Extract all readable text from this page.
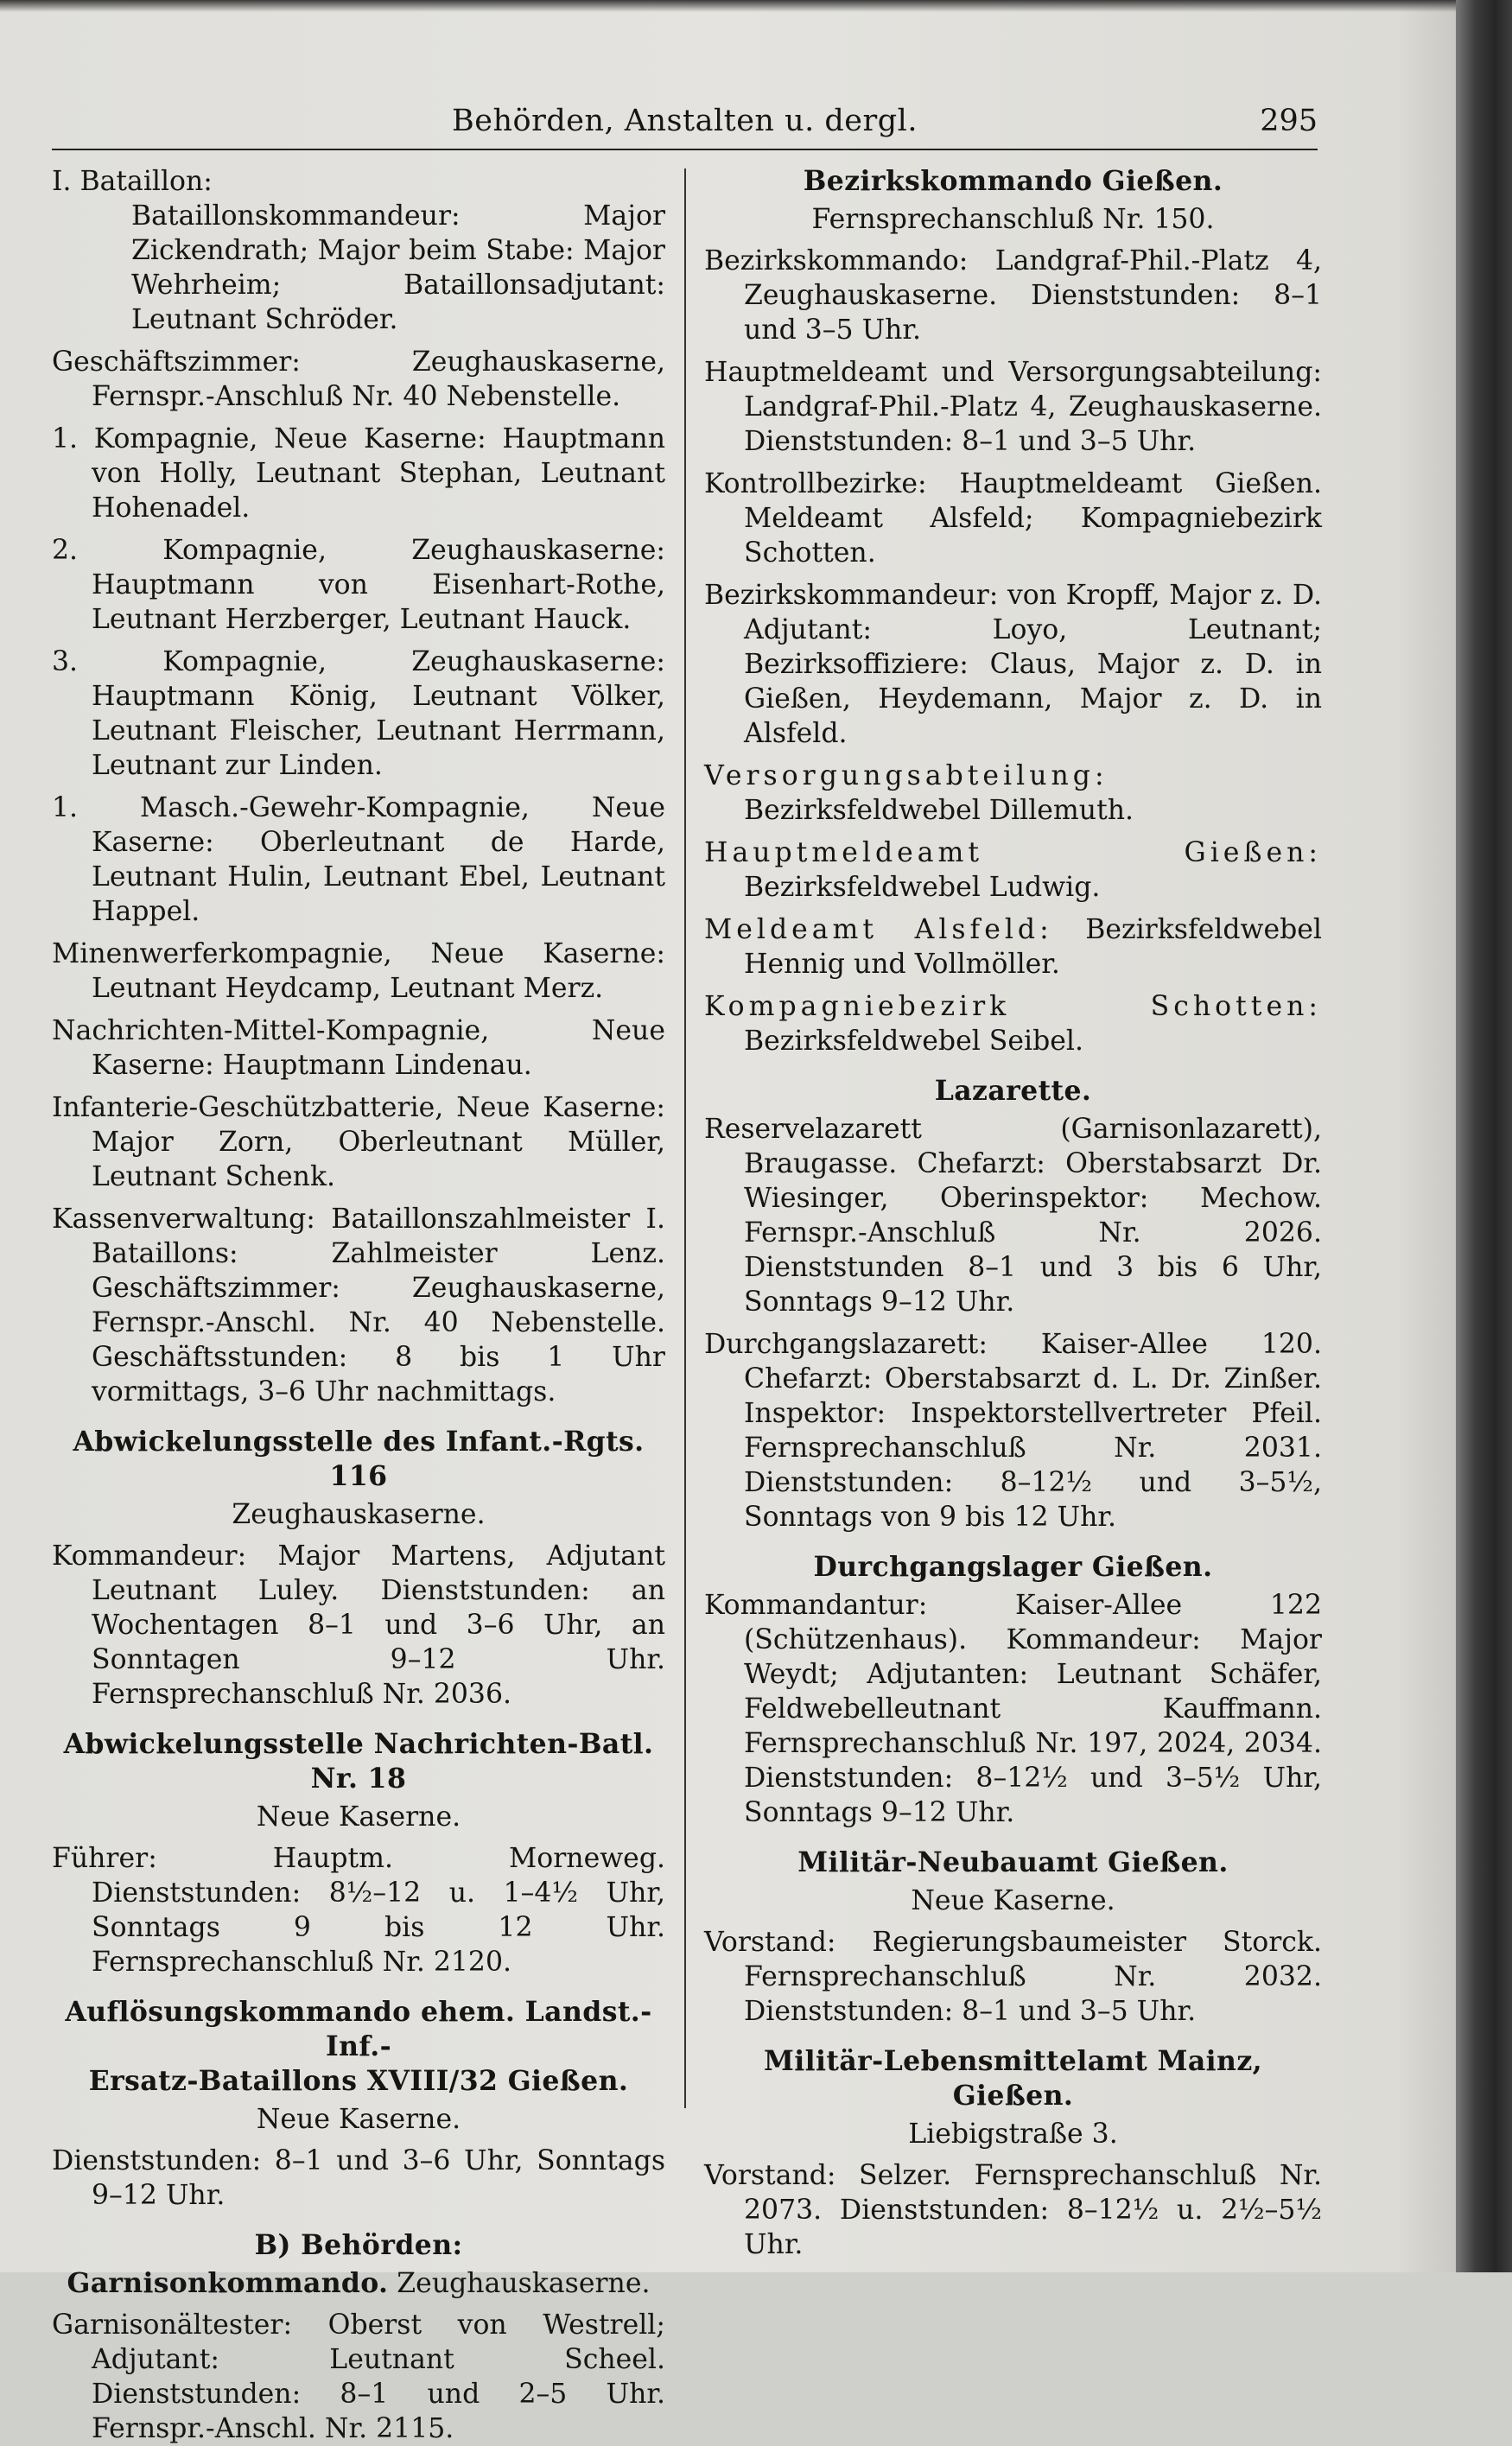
Behörden, Anstalten u. dergl.	295

I. Bataillon:
Bataillonskommandeur: Major Zickendrath; Major beim Stabe: Major Wehrheim; Bataillonsadjutant: Leutnant Schröder.

Geschäftszimmer: Zeughauskaserne, Fernspr.-Anschluß Nr. 40 Nebenstelle.

1. Kompagnie, Neue Kaserne: Hauptmann von Holly, Leutnant Stephan, Leutnant Hohenadel.

2. Kompagnie, Zeughauskaserne: Hauptmann von Eisenhart-Rothe, Leutnant Herzberger, Leutnant Hauck.

3. Kompagnie, Zeughauskaserne: Hauptmann König, Leutnant Völker, Leutnant Fleischer, Leutnant Herrmann, Leutnant zur Linden.

1. Masch.-Gewehr-Kompagnie, Neue Kaserne: Oberleutnant de Harde, Leutnant Hulin, Leutnant Ebel, Leutnant Happel.

Minenwerferkompagnie, Neue Kaserne: Leutnant Heydcamp, Leutnant Merz.

Nachrichten-Mittel-Kompagnie, Neue Kaserne: Hauptmann Lindenau.

Infanterie-Geschützbatterie, Neue Kaserne: Major Zorn, Oberleutnant Müller, Leutnant Schenk.

Kassenverwaltung: Bataillonszahlmeister I. Bataillons: Zahlmeister Lenz. Geschäftszimmer: Zeughauskaserne, Fernspr.-Anschl. Nr. 40 Nebenstelle. Geschäftsstunden: 8 bis 1 Uhr vormittags, 3–6 Uhr nachmittags.

Abwickelungsstelle des Infant.-Rgts. 116
Zeughauskaserne.

Kommandeur: Major Martens, Adjutant Leutnant Luley. Dienststunden: an Wochentagen 8–1 und 3–6 Uhr, an Sonntagen 9–12 Uhr. Fernsprechanschluß Nr. 2036.

Abwickelungsstelle Nachrichten-Batl. Nr. 18
Neue Kaserne.

Führer: Hauptm. Morneweg. Dienststunden: 8½–12 u. 1–4½ Uhr, Sonntags 9 bis 12 Uhr. Fernsprechanschluß Nr. 2120.

Auflösungskommando ehem. Landst.-Inf.-
Ersatz-Bataillons XVIII/32 Gießen.
Neue Kaserne.

Dienststunden: 8–1 und 3–6 Uhr, Sonntags 9–12 Uhr.

B) Behörden:
Garnisonkommando. Zeughauskaserne.

Garnisonältester: Oberst von Westrell; Adjutant: Leutnant Scheel. Dienststunden: 8–1 und 2–5 Uhr. Fernspr.-Anschl. Nr. 2115.

Bezirkskommando Gießen.
Fernsprechanschluß Nr. 150.

Bezirkskommando: Landgraf-Phil.-Platz 4, Zeughauskaserne. Dienststunden: 8–1 und 3–5 Uhr.

Hauptmeldeamt und Versorgungsabteilung: Landgraf-Phil.-Platz 4, Zeughauskaserne. Dienststunden: 8–1 und 3–5 Uhr.

Kontrollbezirke: Hauptmeldeamt Gießen. Meldeamt Alsfeld; Kompagniebezirk Schotten.

Bezirkskommandeur: von Kropff, Major z. D. Adjutant: Loyo, Leutnant; Bezirksoffiziere: Claus, Major z. D. in Gießen, Heydemann, Major z. D. in Alsfeld.

Versorgungsabteilung: Bezirksfeldwebel Dillemuth.

Hauptmeldeamt Gießen: Bezirksfeldwebel Ludwig.

Meldeamt Alsfeld: Bezirksfeldwebel Hennig und Vollmöller.

Kompagniebezirk Schotten: Bezirksfeldwebel Seibel.

Lazarette.

Reservelazarett (Garnisonlazarett), Braugasse. Chefarzt: Oberstabsarzt Dr. Wiesinger, Oberinspektor: Mechow. Fernspr.-Anschluß Nr. 2026. Dienststunden 8–1 und 3 bis 6 Uhr, Sonntags 9–12 Uhr.

Durchgangslazarett: Kaiser-Allee 120. Chefarzt: Oberstabsarzt d. L. Dr. Zinßer. Inspektor: Inspektorstellvertreter Pfeil. Fernsprechanschluß Nr. 2031. Dienststunden: 8–12½ und 3–5½, Sonntags von 9 bis 12 Uhr.

Durchgangslager Gießen.

Kommandantur: Kaiser-Allee 122 (Schützenhaus). Kommandeur: Major Weydt; Adjutanten: Leutnant Schäfer, Feldwebelleutnant Kauffmann. Fernsprechanschluß Nr. 197, 2024, 2034. Dienststunden: 8–12½ und 3–5½ Uhr, Sonntags 9–12 Uhr.

Militär-Neubauamt Gießen.
Neue Kaserne.

Vorstand: Regierungsbaumeister Storck. Fernsprechanschluß Nr. 2032. Dienststunden: 8–1 und 3–5 Uhr.

Militär-Lebensmittelamt Mainz, Gießen.
Liebigstraße 3.

Vorstand: Selzer. Fernsprechanschluß Nr. 2073. Dienststunden: 8–12½ u. 2½–5½ Uhr.
